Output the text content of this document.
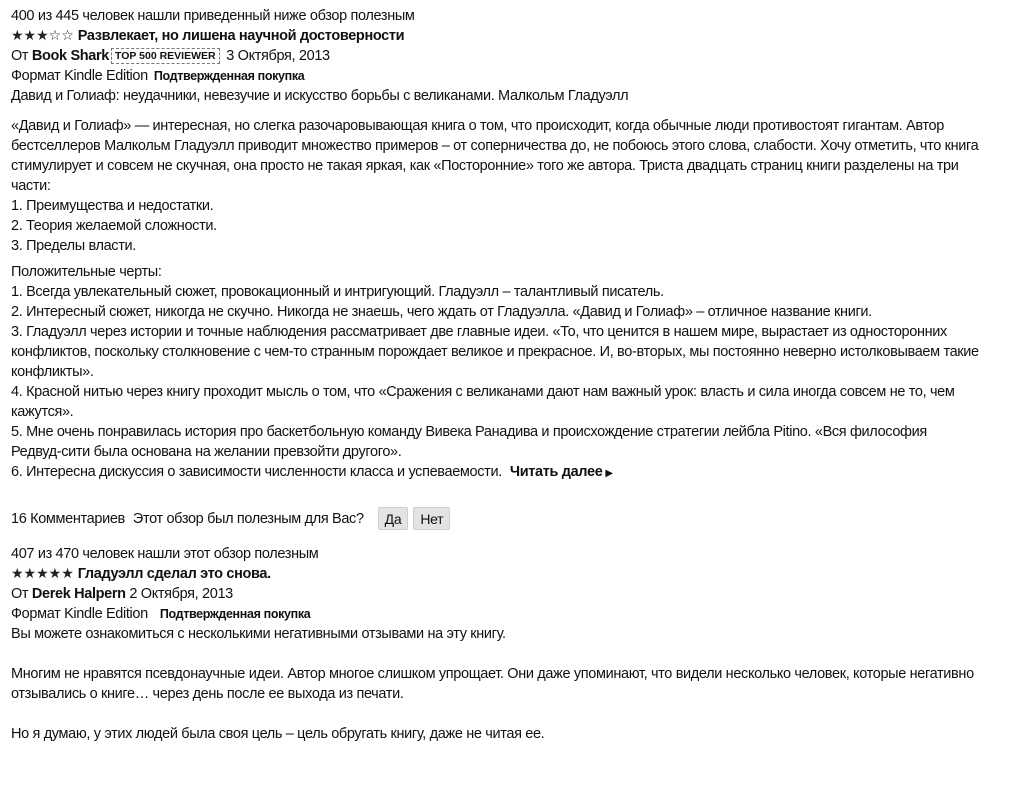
400 из 445 человек нашли приведенный ниже обзор полезным
★★★☆☆ Развлекает, но лишена научной достоверности
От Book Shark TOP 500 REVIEWER 3 Октября, 2013
Формат Kindle Edition Подтвержденная покупка
Давид и Голиаф: неудачники, невезучие и искусство борьбы с великанами. Малкольм Гладуэлл
«Давид и Голиаф» — интересная, но слегка разочаровывающая книга о том, что происходит, когда обычные люди противостоят гигантам. Автор
бестселлеров Малкольм Гладуэлл приводит множество примеров – от соперничества до, не побоюсь этого слова, слабости. Хочу отметить, что книга
стимулирует и совсем не скучная, она просто не такая яркая, как «Посторонние» того же автора. Триста двадцать страниц книги разделены на три
части:
1. Преимущества и недостатки.
2. Теория желаемой сложности.
3. Пределы власти.
Положительные черты:
1. Всегда увлекательный сюжет, провокационный и интригующий. Гладуэлл – талантливый писатель.
2. Интересный сюжет, никогда не скучно. Никогда не знаешь, чего ждать от Гладуэлла. «Давид и Голиаф» – отличное название книги.
3. Гладуэлл через истории и точные наблюдения рассматривает две главные идеи. «То, что ценится в нашем мире, вырастает из односторонних
конфликтов, поскольку столкновение с чем-то странным порождает великое и прекрасное. И, во-вторых, мы постоянно неверно истолковываем такие
конфликты».
4. Красной нитью через книгу проходит мысль о том, что «Сражения с великанами дают нам важный урок: власть и сила иногда совсем не то, чем
кажутся».
5. Мне очень понравилась история про баскетбольную команду Вивека Ранадива и происхождение стратегии лейбла Pitino. «Вся философия
Редвуд-сити была основана на желании превзойти другого».
6. Интересна дискуссия о зависимости численности класса и успеваемости. Читать далее ▶
16 Комментариев Этот обзор был полезным для Вас?	Да	Нет
407 из 470 человек нашли этот обзор полезным
★★★★★ Гладуэлл сделал это снова.
От Derek Halpern 2 Октября, 2013
Формат Kindle Edition Подтвержденная покупка
Вы можете ознакомиться с несколькими негативными отзывами на эту книгу.
Многим не нравятся псевдонаучные идеи. Автор многое слишком упрощает. Они даже упоминают, что видели несколько человек, которые негативно
отзывались о книге… через день после ее выхода из печати.
Но я думаю, у этих людей была своя цель – цель обругать книгу, даже не читая ее.
